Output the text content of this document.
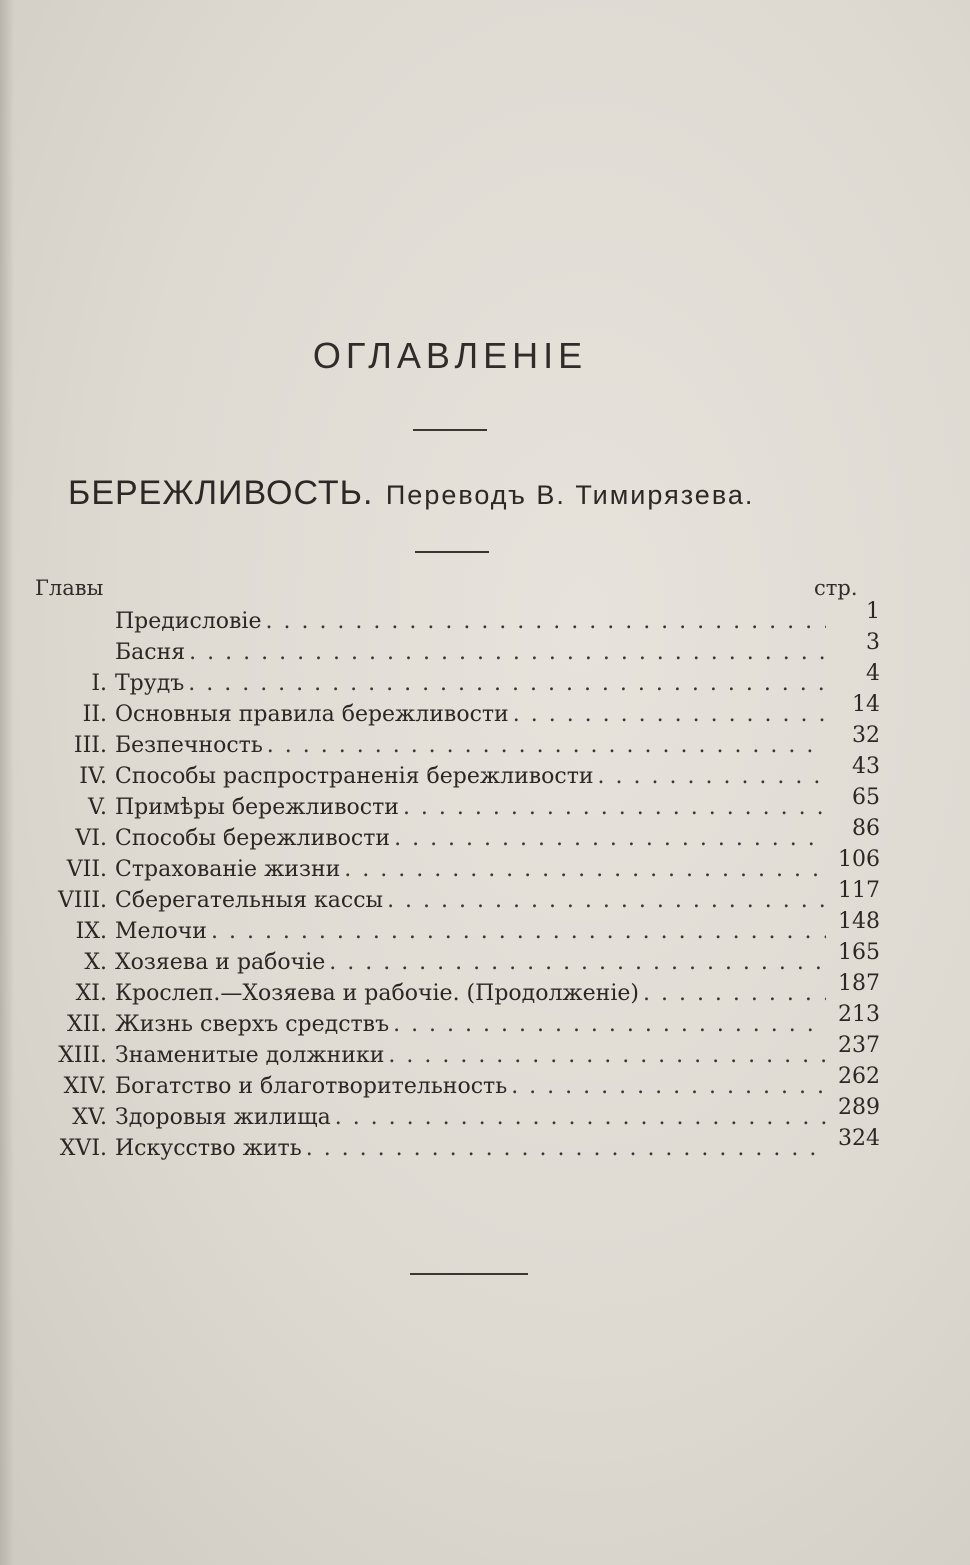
ОГЛАВЛЕНІЕ
БЕРЕЖЛИВОСТЬ. Переводъ В. Тимирязева.
Главы	стр.
Предисловіе . . .	1
Басня . . .	3
I. Трудъ . . .	4
II. Основныя правила бережливости . . .	14
III. Безпечность . . .	32
IV. Способы распространенія бережливости . . .	43
V. Примѣры бережливости . . .	65
VI. Способы бережливости . . .	86
VII. Страхованіе жизни . . .	106
VIII. Сберегательныя кассы . . .	117
IX. Мелочи . . .	148
X. Хозяева и рабочіе . . .	165
XI. Крослеп.—Хозяева и рабочіе. (Продолженіе) . . .	187
XII. Жизнь сверхъ средствъ . . .	213
XIII. Знаменитые должники . . .	237
XIV. Богатство и благотворительность . . .	262
XV. Здоровыя жилища . . .	289
XVI. Искусство жить . . .	324
